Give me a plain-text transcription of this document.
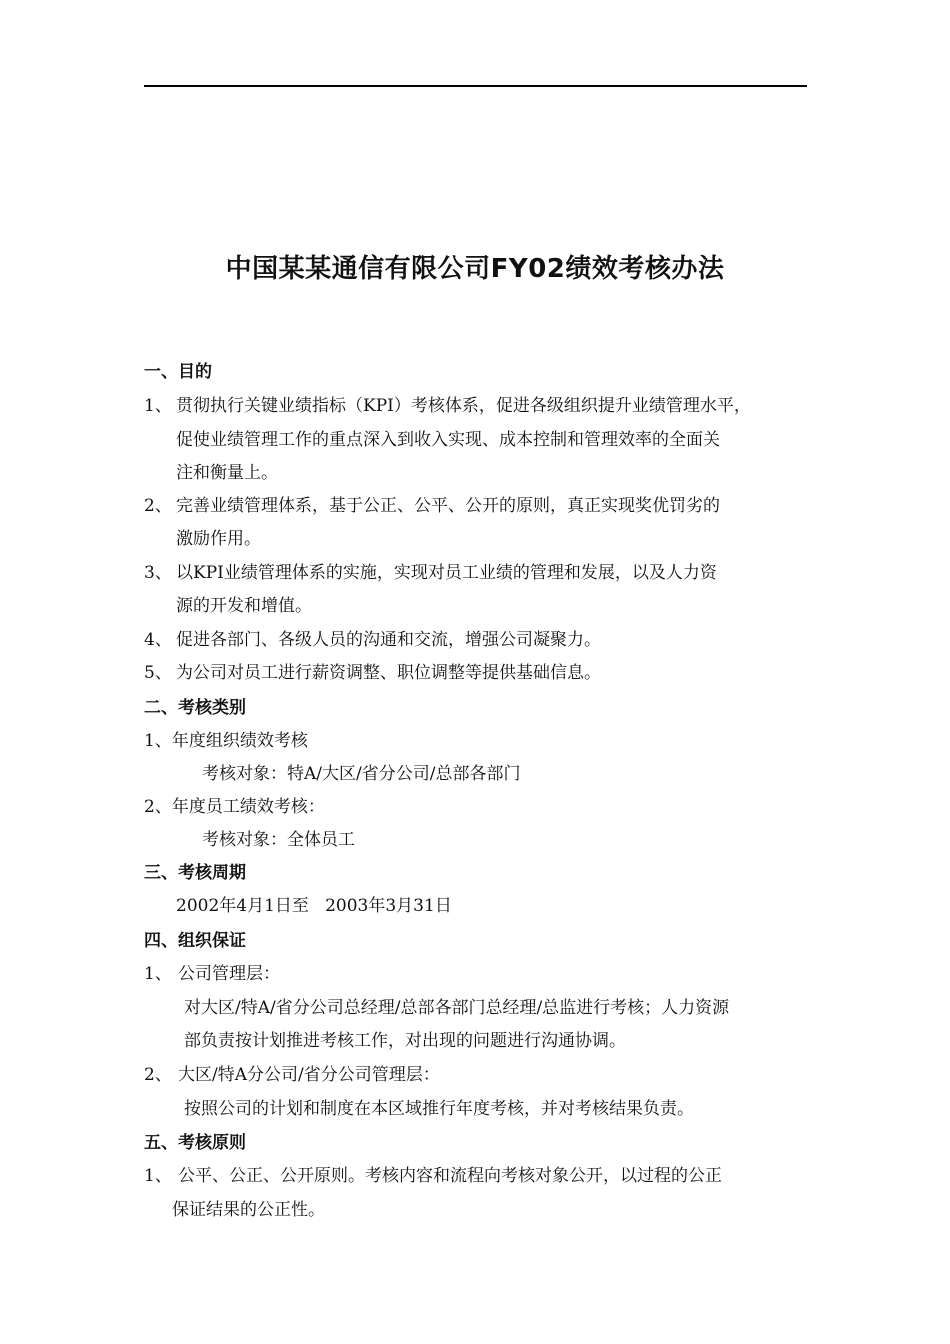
中国某某通信有限公司FY02绩效考核办法
一、目的
1、 贯彻执行关键业绩指标（KPI）考核体系，促进各级组织提升业绩管理水平，
促使业绩管理工作的重点深入到收入实现、成本控制和管理效率的全面关
注和衡量上。
2、 完善业绩管理体系，基于公正、公平、公开的原则，真正实现奖优罚劣的
激励作用。
3、 以KPI业绩管理体系的实施，实现对员工业绩的管理和发展，以及人力资
源的开发和增值。
4、 促进各部门、各级人员的沟通和交流，增强公司凝聚力。
5、 为公司对员工进行薪资调整、职位调整等提供基础信息。
二、考核类别
1、年度组织绩效考核
考核对象：特A/大区/省分公司/总部各部门
2、年度员工绩效考核：
考核对象：全体员工
三、考核周期
2002年4月1日至   2003年3月31日
四、组织保证
1、 公司管理层：
对大区/特A/省分公司总经理/总部各部门总经理/总监进行考核；人力资源
部负责按计划推进考核工作，对出现的问题进行沟通协调。
2、 大区/特A分公司/省分公司管理层：
按照公司的计划和制度在本区域推行年度考核，并对考核结果负责。
五、考核原则
1、 公平、公正、公开原则。考核内容和流程向考核对象公开，以过程的公正
保证结果的公正性。
